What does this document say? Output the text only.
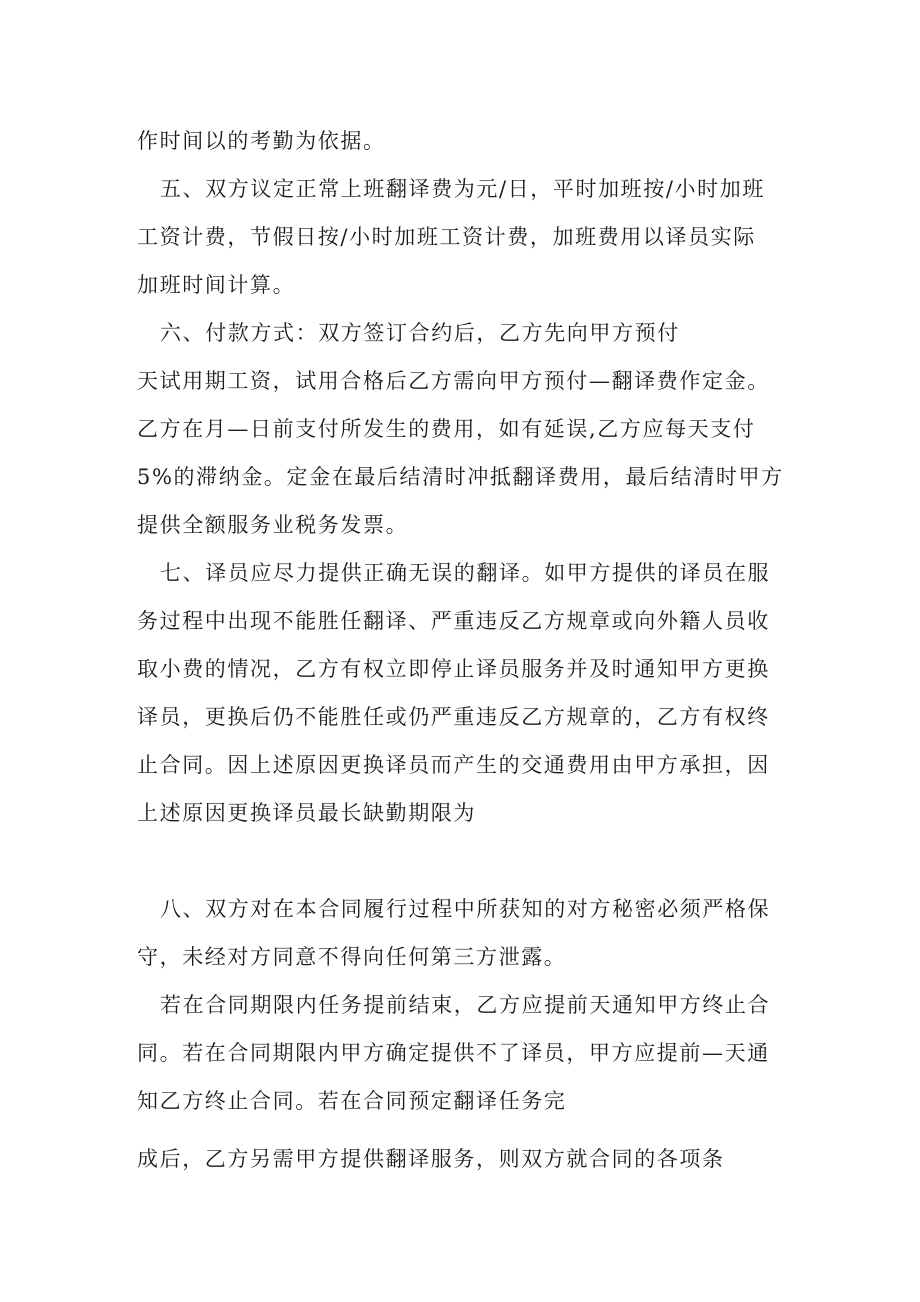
作时间以的考勤为依据。
五、双方议定正常上班翻译费为元/日，平时加班按/小时加班
工资计费，节假日按/小时加班工资计费，加班费用以译员实际
加班时间计算。
六、付款方式：双方签订合约后，乙方先向甲方预付
天试用期工资，试用合格后乙方需向甲方预付—翻译费作定金。
乙方在月—日前支付所发生的费用，如有延误,乙方应每天支付
5%的滞纳金。定金在最后结清时冲抵翻译费用，最后结清时甲方
提供全额服务业税务发票。
七、译员应尽力提供正确无误的翻译。如甲方提供的译员在服
务过程中出现不能胜任翻译、严重违反乙方规章或向外籍人员收
取小费的情况，乙方有权立即停止译员服务并及时通知甲方更换
译员，更换后仍不能胜任或仍严重违反乙方规章的，乙方有权终
止合同。因上述原因更换译员而产生的交通费用由甲方承担，因
上述原因更换译员最长缺勤期限为
八、双方对在本合同履行过程中所获知的对方秘密必须严格保
守，未经对方同意不得向任何第三方泄露。
若在合同期限内任务提前结束，乙方应提前天通知甲方终止合
同。若在合同期限内甲方确定提供不了译员，甲方应提前—天通
知乙方终止合同。若在合同预定翻译任务完
成后，乙方另需甲方提供翻译服务，则双方就合同的各项条
